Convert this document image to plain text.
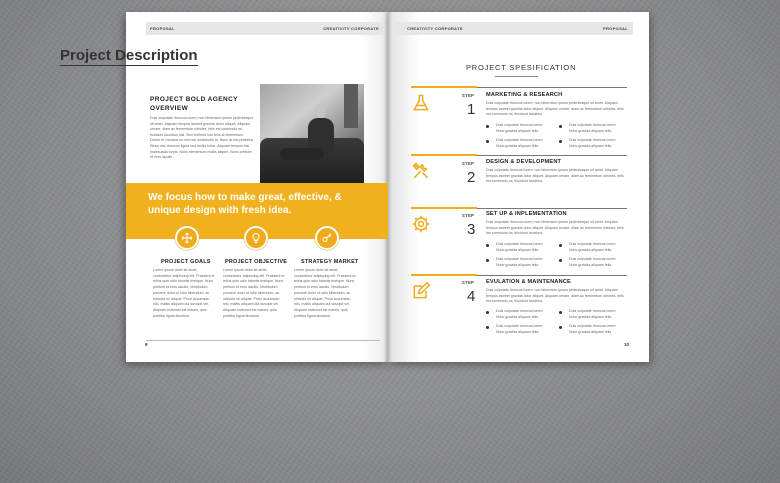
PROPOSAL	CREATIVITY CORPORATE	CREATIVITY CORPORATE	PROPOSAL
Project Description
PROJECT BOLD AGENCY OVERVIEW
Duis vulputate rhoncus lorem, non bibendum ipsum pellentesque sit amet. Aliquam tempus laoreet gravida dolor aliquet. Aliquam ornare, diam ac fermentum ultricies, felis est commodo mi, tincidunt faucibus nisl. Sed eleifend non felis at elementum. Donec et rhoncus eu nisi nec sollicitudin id. Nunc at nisi pharetra. Etiam nec rhoncus ligula sed mollis tortor. Aliquam tempus nisi malesuada turpis. Nunc elementum mollis aliquet. Nunc pretium et eros iaculis.
We focus how to make great, effective, & unique design with fresh idea.
PROJECT GOALS	PROJECT OBJECTIVE	STRATEGY MARKET
Lorem ipsum dolor sit amet, consectetur adipiscing elit. Praesent et tellus quis odio lobortis tristique. Nunc pretium et eros iaculis. Vestibulum posuere dolor ut odio bibendum, ac ultricies mi aliquet. Proin accumsan nisl, mattis aliquam dui suscipit vel. Aliquam euismod est mauris, quis porttitor ligula tincidunt.
Lorem ipsum dolor sit amet, consectetur adipiscing elit. Praesent et tellus quis odio lobortis tristique. Nunc pretium et eros iaculis. Vestibulum posuere dolor ut odio bibendum, ac ultricies mi aliquet. Proin accumsan nisl, mattis aliquam dui suscipit vel. Aliquam euismod est mauris, quis porttitor ligula tincidunt.
Lorem ipsum dolor sit amet, consectetur adipiscing elit. Praesent et tellus quis odio lobortis tristique. Nunc pretium et eros iaculis. Vestibulum posuere dolor ut odio bibendum, ac ultricies mi aliquet. Proin accumsan nisl, mattis aliquam dui suscipit vel. Aliquam euismod est mauris, quis porttitor ligula tincidunt.
9
PROJECT SPESIFICATION
STEP
1
MARKETING & RESEARCH
Duis vulputate rhoncus lorem, non bibendum ipsum pellentesque sit amet. Aliquam tempus laoreet gravida dolor aliquet. Aliquam ornare, diam ac fermentum ultricies, felis est commodo mi, tincidunt faucibus.
Duis vulputate rhoncus lorem Nunc gravida aliquam felis.
Duis vulputate rhoncus lorem Nunc gravida aliquam felis.
Duis vulputate rhoncus lorem Nunc gravida aliquam felis.
Duis vulputate rhoncus lorem Nunc gravida aliquam felis.
STEP
2
DESIGN & DEVELOPMENT
Duis vulputate rhoncus lorem, non bibendum ipsum pellentesque sit amet. Aliquam tempus laoreet gravida dolor aliquet. Aliquam ornare, diam ac fermentum ultricies, felis est commodo mi, tincidunt faucibus.
STEP
3
SET UP & INPLEMENTATION
Duis vulputate rhoncus lorem, non bibendum ipsum pellentesque sit amet. Aliquam tempus laoreet gravida dolor aliquet. Aliquam ornare, diam ac fermentum ultricies, felis est commodo mi, tincidunt faucibus.
Duis vulputate rhoncus lorem Nunc gravida aliquam felis.
Duis vulputate rhoncus lorem Nunc gravida aliquam felis.
Duis vulputate rhoncus lorem Nunc gravida aliquam felis.
Duis vulputate rhoncus lorem Nunc gravida aliquam felis.
STEP
4
EVULATION & MAINTENANCE
Duis vulputate rhoncus lorem, non bibendum ipsum pellentesque sit amet. Aliquam tempus laoreet gravida dolor aliquet. Aliquam ornare, diam ac fermentum ultricies, felis est commodo mi, tincidunt faucibus.
Duis vulputate rhoncus lorem Nunc gravida aliquam felis.
Duis vulputate rhoncus lorem Nunc gravida aliquam felis.
Duis vulputate rhoncus lorem Nunc gravida aliquam felis.
Duis vulputate rhoncus lorem Nunc gravida aliquam felis.
10
